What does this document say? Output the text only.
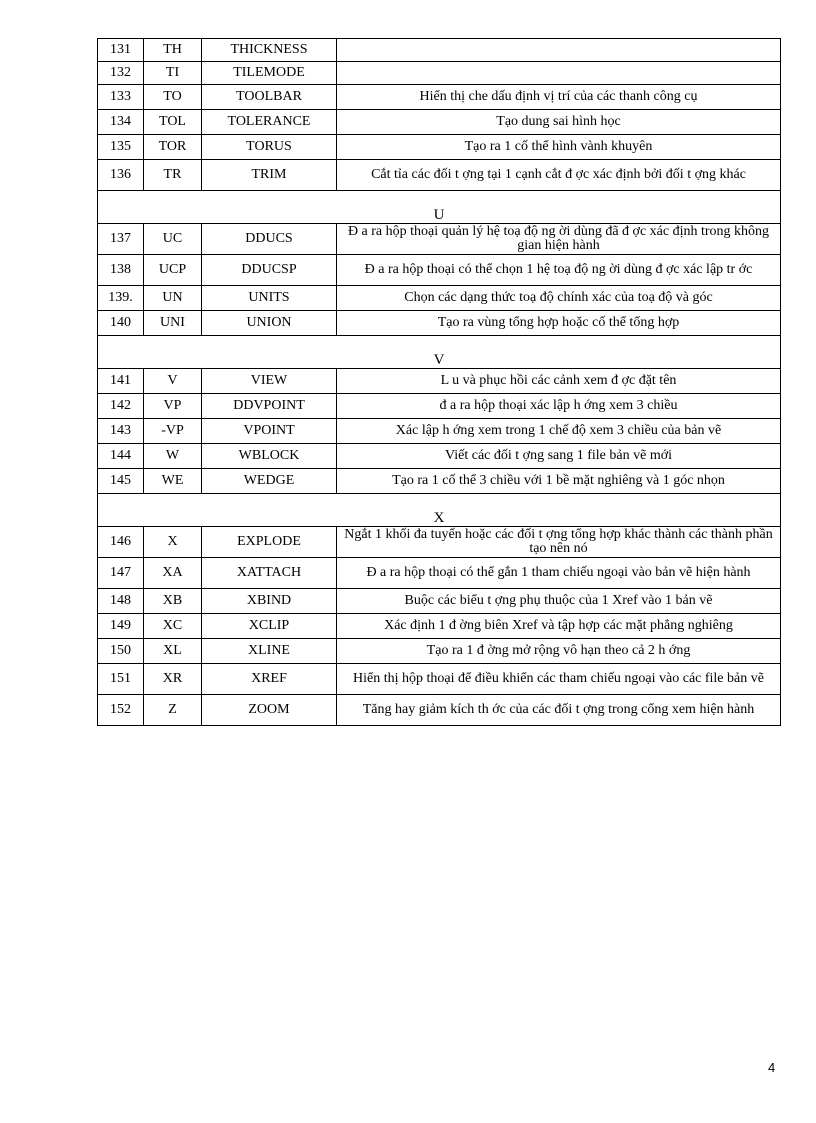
131	TH	THICKNESS	
132	TI	TILEMODE	
133	TO	TOOLBAR	Hiển thị che dấu định vị trí của các thanh công cụ
134	TOL	TOLERANCE	Tạo dung sai hình học
135	TOR	TORUS	Tạo ra 1 cố thể hình vành khuyên
136	TR	TRIM	Cắt tỉa các đối t ợng tại 1 cạnh cắt đ ợc xác định bởi đối t ợng khác
U			
137	UC	DDUCS	Đ a ra hộp thoại quản lý hệ toạ độ ng ời dùng đã đ ợc xác định trong không gian hiện hành
138	UCP	DDUCSP	Đ a ra hộp thoại có thể chọn 1 hệ toạ độ ng ời dùng đ ợc xác lập tr ớc
139.	UN	UNITS	Chọn các dạng thức toạ độ chính xác của toạ độ và góc
140	UNI	UNION	Tạo ra vùng tổng hợp hoặc cố thể tổng hợp
V			
141	V	VIEW	L u và phục hồi các cảnh xem đ ợc đặt tên
142	VP	DDVPOINT	đ a ra hộp thoại xác lập h ớng xem 3 chiều
143	-VP	VPOINT	Xác lập h ớng xem trong 1 chế độ xem 3 chiều của bản vẽ
144	W	WBLOCK	Viết các đối t ợng sang 1 file bản vẽ mới
145	WE	WEDGE	Tạo ra 1 cố thể 3 chiều với 1 bề mặt nghiêng và 1 góc nhọn
X			
146	X	EXPLODE	Ngắt 1 khối đa tuyến hoặc các đối t ợng tổng hợp khác thành các thành phần tạo nên nó
147	XA	XATTACH	Đ a ra hộp thoại có thể gắn 1 tham chiếu ngoại vào bản vẽ hiện hành
148	XB	XBIND	Buộc các biểu t ợng phụ thuộc của 1 Xref vào 1 bản vẽ
149	XC	XCLIP	Xác định 1 đ ờng biên Xref và tập hợp các mặt phẳng nghiêng
150	XL	XLINE	Tạo ra 1 đ ờng mở rộng vô hạn theo cả 2 h ớng
151	XR	XREF	Hiển thị hộp thoại để điều khiển các tham chiếu ngoại vào các file bản vẽ
152	Z	ZOOM	Tăng hay giảm kích th ớc của các đối t ợng trong cổng xem hiện hành
4
